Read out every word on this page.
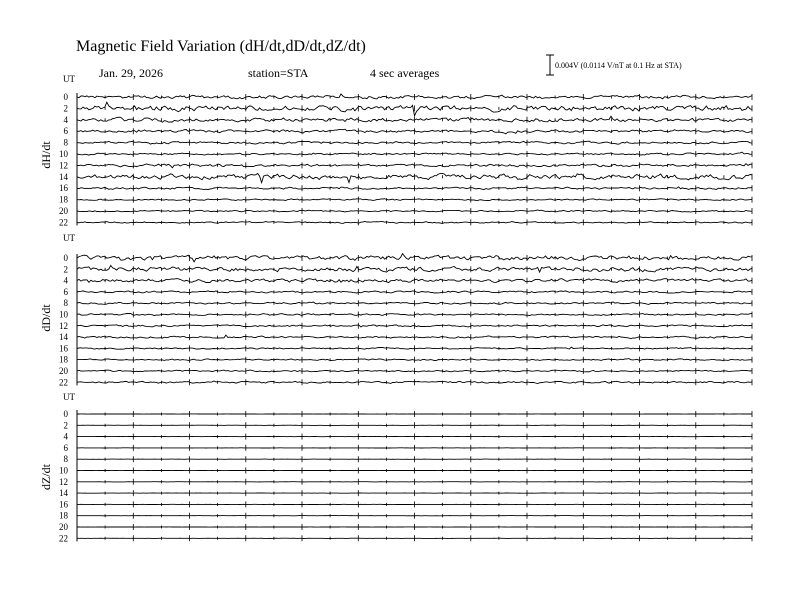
Magnetic Field Variation (dH/dt,dD/dt,dZ/dt)
Jan. 29, 2026	station=STA	4 sec averages
0.004V (0.0114 V/nT at 0.1 Hz at STA)
UT
dH/dt
0
2
4
6
8
10
12
14
16
18
20
22
UT
dD/dt
0
2
4
6
8
10
12
14
16
18
20
22
UT
dZ/dt
0
2
4
6
8
10
12
14
16
18
20
22
